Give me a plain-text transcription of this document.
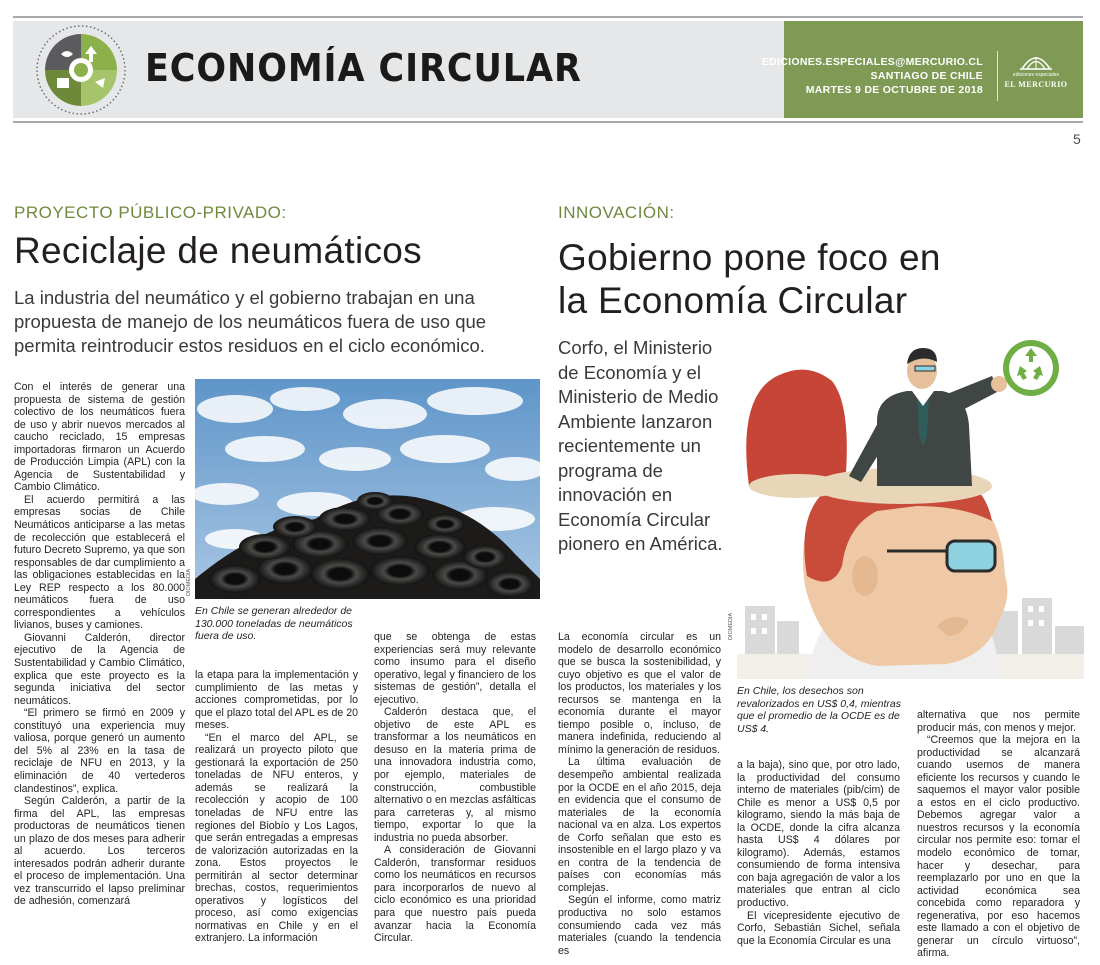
ECONOMÍA CIRCULAR	EDICIONES.ESPECIALES@MERCURIO.CL
SANTIAGO DE CHILE
MARTES 9 DE OCTUBRE DE 2018
ediciones especiales
EL MERCURIO
5
PROYECTO PÚBLICO-PRIVADO:
Reciclaje de neumáticos
La industria del neumático y el gobierno trabajan en una propuesta de manejo de los neumáticos fuera de uso que permita reintroducir estos residuos en el ciclo económico.

Con el interés de generar una propuesta de sistema de gestión colectivo de los neumáticos fuera de uso y abrir nuevos mercados al caucho reciclado, 15 empresas importadoras firmaron un Acuerdo de Producción Limpia (APL) con la Agencia de Sustentabilidad y Cambio Climático.

El acuerdo permitirá a las empresas socias de Chile Neumáticos anticiparse a las metas de recolección que establecerá el futuro Decreto Supremo, ya que son responsables de dar cumplimiento a las obligaciones establecidas en la Ley REP respecto a los 80.000 neumáticos fuera de uso correspondientes a vehículos livianos, buses y camiones.

Giovanni Calderón, director ejecutivo de la Agencia de Sustentabilidad y Cambio Climático, explica que este proyecto es la segunda iniciativa del sector neumáticos.

“El primero se firmó en 2009 y constituyó una experiencia muy valiosa, porque generó un aumento del 5% al 23% en la tasa de reciclaje de NFU en 2013, y la eliminación de 40 vertederos clandestinos”, explica.

Según Calderón, a partir de la firma del APL, las empresas productoras de neumáticos tienen un plazo de dos meses para adherir al acuerdo. Los terceros interesados podrán adherir durante el proceso de implementación. Una vez transcurrido el lapso preliminar de adhesión, comenzará

DIOMEDIA
En Chile se generan alrededor de 130.000 toneladas de neumáticos fuera de uso.

la etapa para la implementación y cumplimiento de las metas y acciones comprometidas, por lo que el plazo total del APL es de 20 meses.

“En el marco del APL, se realizará un proyecto piloto que gestionará la exportación de 250 toneladas de NFU enteros, y además se realizará la recolección y acopio de 100 toneladas de NFU entre las regiones del Biobío y Los Lagos, que serán entregadas a empresas de valorización autorizadas en la zona. Estos proyectos le permitirán al sector determinar brechas, costos, requerimientos operativos y logísticos del proceso, así como exigencias normativas en Chile y en el extranjero. La información

que se obtenga de estas experiencias será muy relevante como insumo para el diseño operativo, legal y financiero de los sistemas de gestión”, detalla el ejecutivo.

Calderón destaca que, el objetivo de este APL es transformar a los neumáticos en desuso en la materia prima de una innovadora industria como, por ejemplo, materiales de construcción, combustible alternativo o en mezclas asfálticas para carreteras y, al mismo tiempo, exportar lo que la industria no pueda absorber.

A consideración de Giovanni Calderón, transformar residuos como los neumáticos en recursos para incorporarlos de nuevo al ciclo económico es una prioridad para que nuestro país pueda avanzar hacia la Economía Circular.

INNOVACIÓN:
Gobierno pone foco en
la Economía Circular
Corfo, el Ministerio de Economía y el Ministerio de Medio Ambiente lanzaron recientemente un programa de innovación en Economía Circular pionero en América.
DIOMEDIA
En Chile, los desechos son revalorizados en US$ 0,4, mientras que el promedio de la OCDE es de US$ 4.

La economía circular es un modelo de desarrollo económico que se busca la sostenibilidad, y cuyo objetivo es que el valor de los productos, los materiales y los recursos se mantenga en la economía durante el mayor tiempo posible o, incluso, de manera indefinida, reduciendo al mínimo la generación de residuos.

La última evaluación de desempeño ambiental realizada por la OCDE en el año 2015, deja en evidencia que el consumo de materiales de la economía nacional va en alza. Los expertos de Corfo señalan que esto es insostenible en el largo plazo y va en contra de la tendencia de países con economías más complejas.

Según el informe, como matriz productiva no solo estamos consumiendo cada vez más materiales (cuando la tendencia es

a la baja), sino que, por otro lado, la productividad del consumo interno de materiales (pib/cim) de Chile es menor a US$ 0,5 por kilogramo, siendo la más baja de la OCDE, donde la cifra alcanza hasta US$ 4 dólares por kilogramo). Además, estamos consumiendo de forma intensiva con baja agregación de valor a los materiales que entran al ciclo productivo.

El vicepresidente ejecutivo de Corfo, Sebastián Sichel, señala que la Economía Circular es una

alternativa que nos permite producir más, con menos y mejor.

“Creemos que la mejora en la productividad se alcanzará cuando usemos de manera eficiente los recursos y cuando le saquemos el mayor valor posible a estos en el ciclo productivo. Debemos agregar valor a nuestros recursos y la economía circular nos permite eso: tomar el modelo económico de tomar, hacer y desechar, para reemplazarlo por uno en que la actividad económica sea concebida como reparadora y regenerativa, por eso hacemos este llamado a con el objetivo de generar un círculo virtuoso”, afirma.
